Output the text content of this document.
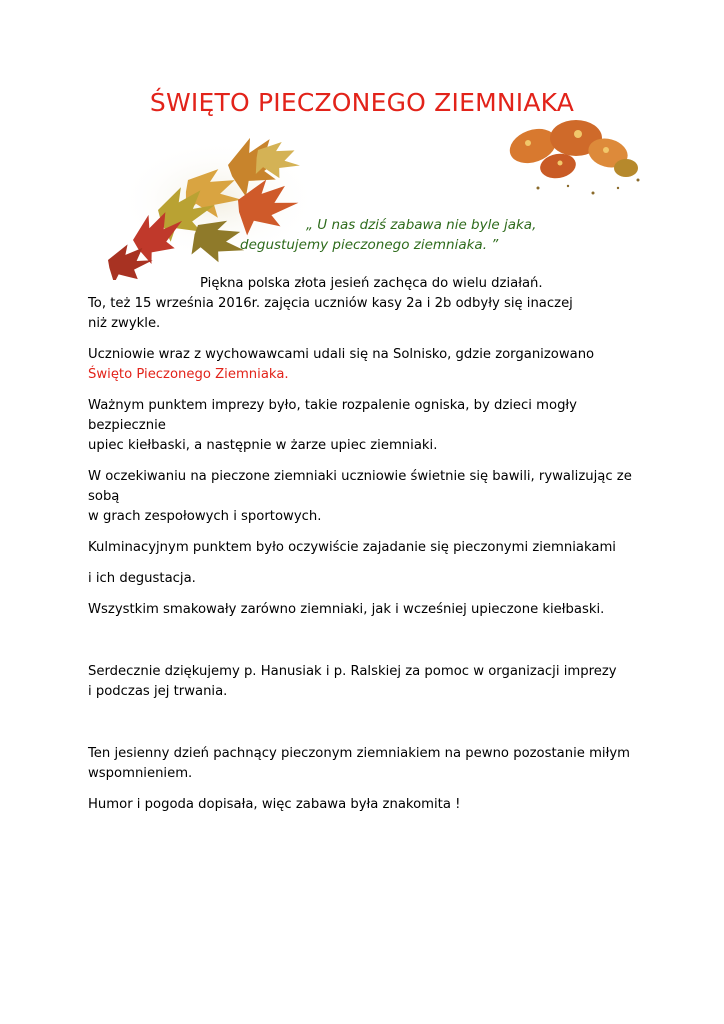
ŚWIĘTO PIECZONEGO ZIEMNIAKA
„ U nas dziś zabawa nie byle jaka,
degustujemy pieczonego ziemniaka. ”

Piękna polska złota jesień zachęca do wielu działań.

To, też 15 września 2016r. zajęcia uczniów kasy 2a i 2b odbyły się inaczej

niż zwykle.

Uczniowie wraz z wychowawcami udali się na Solnisko, gdzie zorganizowano

Święto Pieczonego Ziemniaka.

Ważnym punktem imprezy było, takie rozpalenie ogniska, by dzieci mogły bezpiecznie

upiec kiełbaski, a następnie w żarze upiec ziemniaki.

W oczekiwaniu na pieczone ziemniaki uczniowie świetnie się bawili, rywalizując ze sobą

w grach zespołowych i sportowych.

Kulminacyjnym punktem było oczywiście zajadanie się pieczonymi ziemniakami

i ich degustacja.

Wszystkim smakowały zarówno ziemniaki, jak i wcześniej upieczone kiełbaski.

Serdecznie dziękujemy p. Hanusiak i p. Ralskiej za pomoc w organizacji imprezy

i podczas jej trwania.

Ten jesienny dzień pachnący pieczonym ziemniakiem na pewno pozostanie miłym

wspomnieniem.

Humor i pogoda dopisała, więc zabawa była znakomita !
